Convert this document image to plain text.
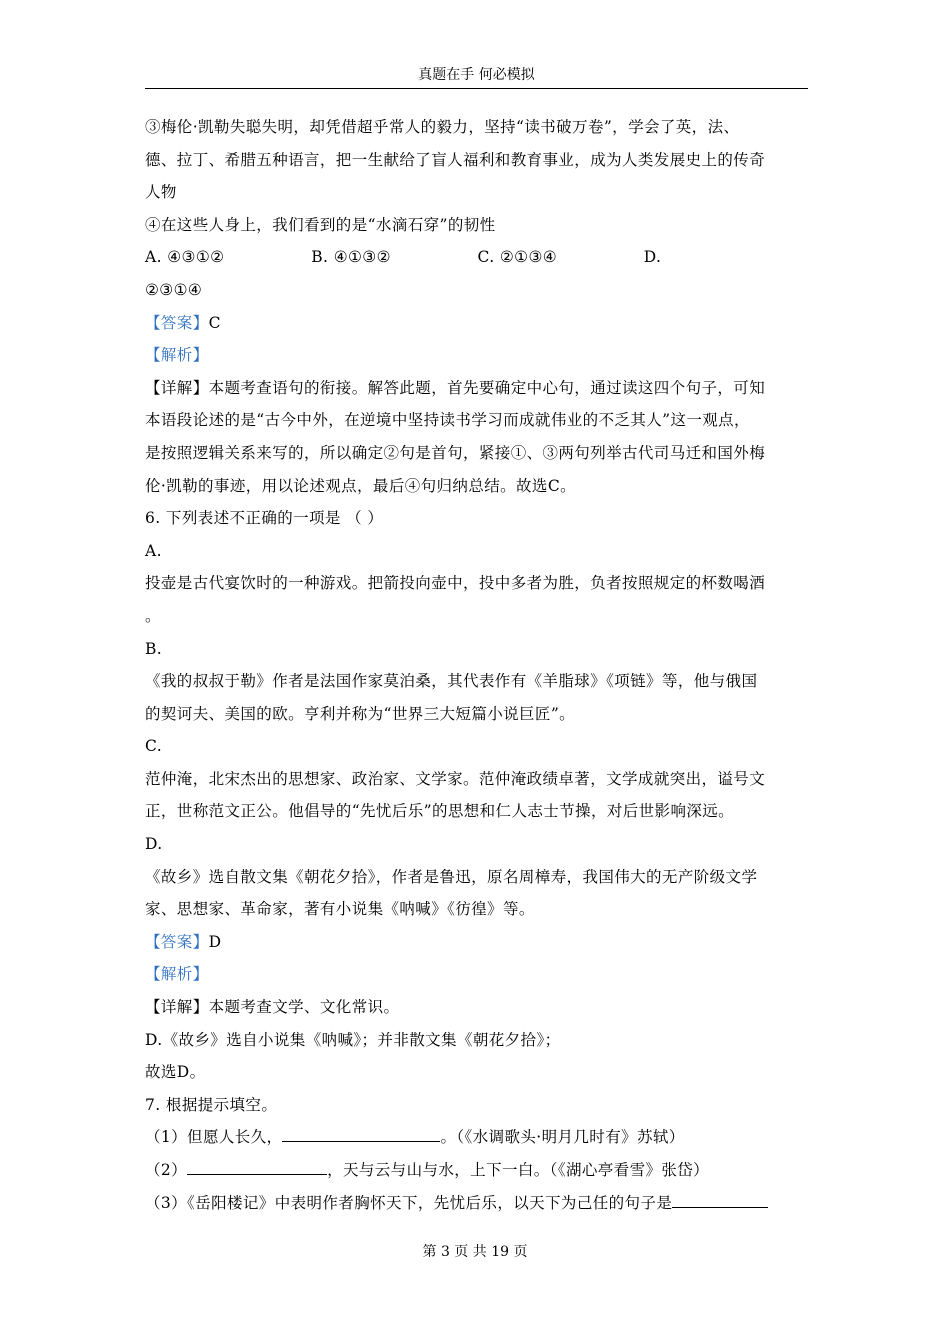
真题在手 何必模拟
③梅伦·凯勒失聪失明，却凭借超乎常人的毅力，坚持“读书破万卷”，学会了英，法、
德、拉丁、希腊五种语言，把一生献给了盲人福利和教育事业，成为人类发展史上的传奇
人物
④在这些人身上，我们看到的是“水滴石穿”的韧性
A. ④③①②	B. ④①③②	C. ②①③④	D.
②③①④
【答案】C
【解析】
【详解】本题考查语句的衔接。解答此题，首先要确定中心句，通过读这四个句子，可知
本语段论述的是“古今中外，在逆境中坚持读书学习而成就伟业的不乏其人”这一观点，
是按照逻辑关系来写的，所以确定②句是首句，紧接①、③两句列举古代司马迁和国外梅
伦·凯勒的事迹，用以论述观点，最后④句归纳总结。故选C。
6. 下列表述不正确的一项是 （ ）
A.
投壶是古代宴饮时的一种游戏。把箭投向壶中，投中多者为胜，负者按照规定的杯数喝酒
。
B.
《我的叔叔于勒》作者是法国作家莫泊桑，其代表作有《羊脂球》《项链》等，他与俄国
的契诃夫、美国的欧。亨利并称为“世界三大短篇小说巨匠”。
C.
范仲淹，北宋杰出的思想家、政治家、文学家。范仲淹政绩卓著，文学成就突出，谥号文
正，世称范文正公。他倡导的“先忧后乐”的思想和仁人志士节操，对后世影响深远。
D.
《故乡》选自散文集《朝花夕拾》，作者是鲁迅，原名周樟寿，我国伟大的无产阶级文学
家、思想家、革命家，著有小说集《呐喊》《彷徨》等。
【答案】D
【解析】
【详解】本题考查文学、文化常识。
D.《故乡》选自小说集《呐喊》；并非散文集《朝花夕拾》；
故选D。
7. 根据提示填空。
（1）但愿人长久，	。（《水调歌头·明月几时有》苏轼）
（2）	，天与云与山与水，上下一白。（《湖心亭看雪》张岱）
（3）《岳阳楼记》中表明作者胸怀天下，先忧后乐，以天下为己任的句子是
第 3 页 共 19 页
